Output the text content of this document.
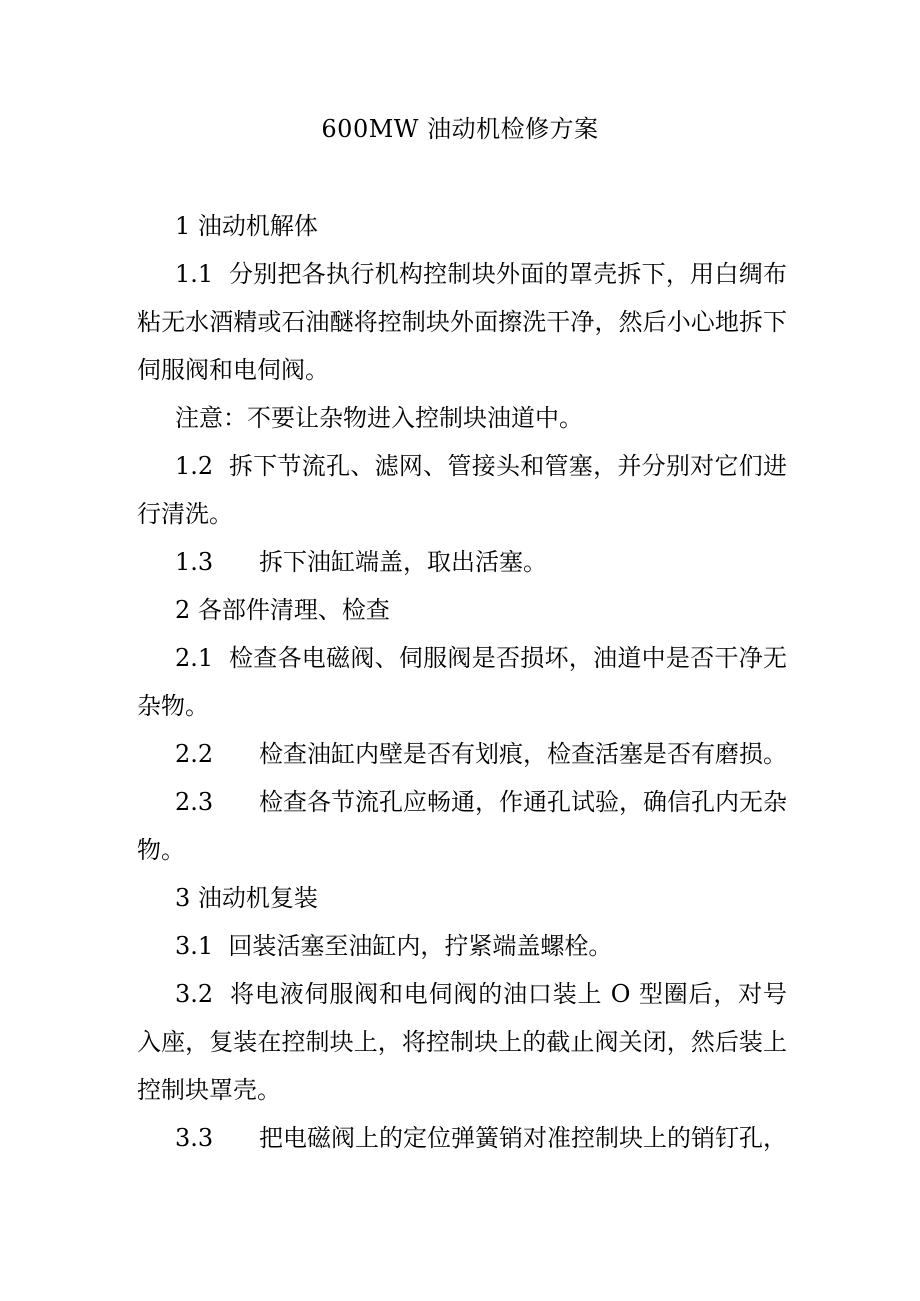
600MW 油动机检修方案

1 油动机解体

1.1  分别把各执行机构控制块外面的罩壳拆下，用白绸布粘无水酒精或石油醚将控制块外面擦洗干净，然后小心地拆下伺服阀和电伺阀。

注意：不要让杂物进入控制块油道中。

1.2  拆下节流孔、滤网、管接头和管塞，并分别对它们进行清洗。

1.3      拆下油缸端盖，取出活塞。

2 各部件清理、检查

2.1  检查各电磁阀、伺服阀是否损坏，油道中是否干净无杂物。

2.2      检查油缸内壁是否有划痕，检查活塞是否有磨损。

2.3      检查各节流孔应畅通，作通孔试验，确信孔内无杂物。

3 油动机复装

3.1  回装活塞至油缸内，拧紧端盖螺栓。

3.2  将电液伺服阀和电伺阀的油口装上 O 型圈后，对号入座，复装在控制块上，将控制块上的截止阀关闭，然后装上控制块罩壳。

3.3      把电磁阀上的定位弹簧销对准控制块上的销钉孔，
